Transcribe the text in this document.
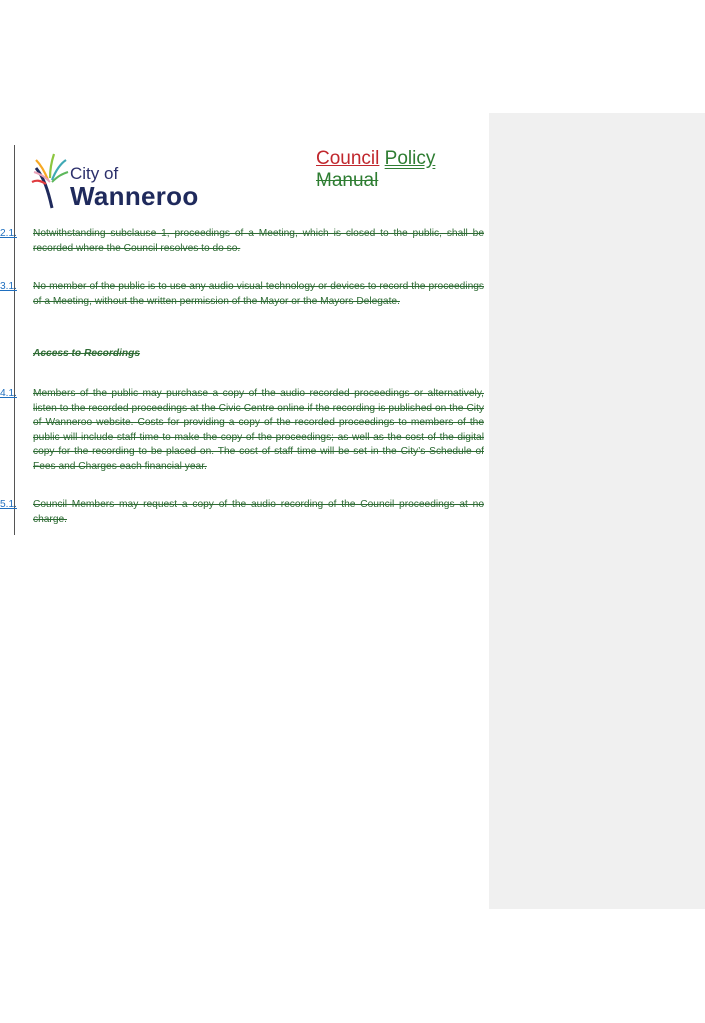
City of
Wanneroo
Council Policy
Manual
2.1.	Notwithstanding subclause 1, proceedings of a Meeting, which is closed to the public, shall be recorded where the Council resolves to do so.
3.1.	No member of the public is to use any audio visual technology or devices to record the proceedings of a Meeting, without the written permission of the Mayor or the Mayors Delegate.
Access to Recordings
4.1.	Members of the public may purchase a copy of the audio recorded proceedings or alternatively, listen to the recorded proceedings at the Civic Centre online if the recording is published on the City of Wanneroo website. Costs for providing a copy of the recorded proceedings to members of the public will include staff time to make the copy of the proceedings; as well as the cost of the digital copy for the recording to be placed on. The cost of staff time will be set in the City’s Schedule of Fees and Charges each financial year.
5.1.	Council Members may request a copy of the audio recording of the Council proceedings at no charge.
